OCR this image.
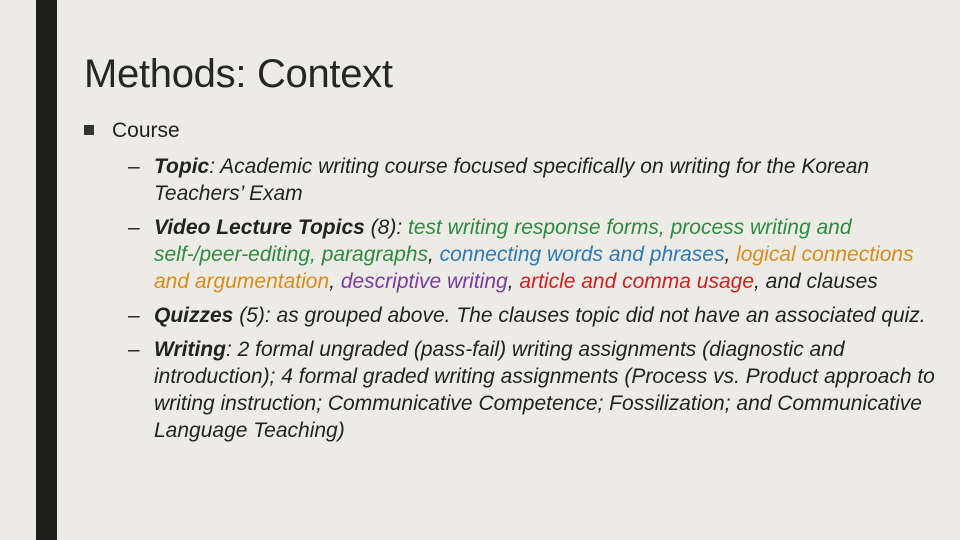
Methods: Context
Course
– Topic: Academic writing course focused specifically on writing for the Korean Teachers’ Exam
– Video Lecture Topics (8): test writing response forms, process writing and self-/peer-editing, paragraphs, connecting words and phrases, logical connections and argumentation, descriptive writing, article and comma usage, and clauses
– Quizzes (5): as grouped above. The clauses topic did not have an associated quiz.
– Writing: 2 formal ungraded (pass-fail) writing assignments (diagnostic and introduction); 4 formal graded writing assignments (Process vs. Product approach to writing instruction; Communicative Competence; Fossilization; and Communicative Language Teaching)
